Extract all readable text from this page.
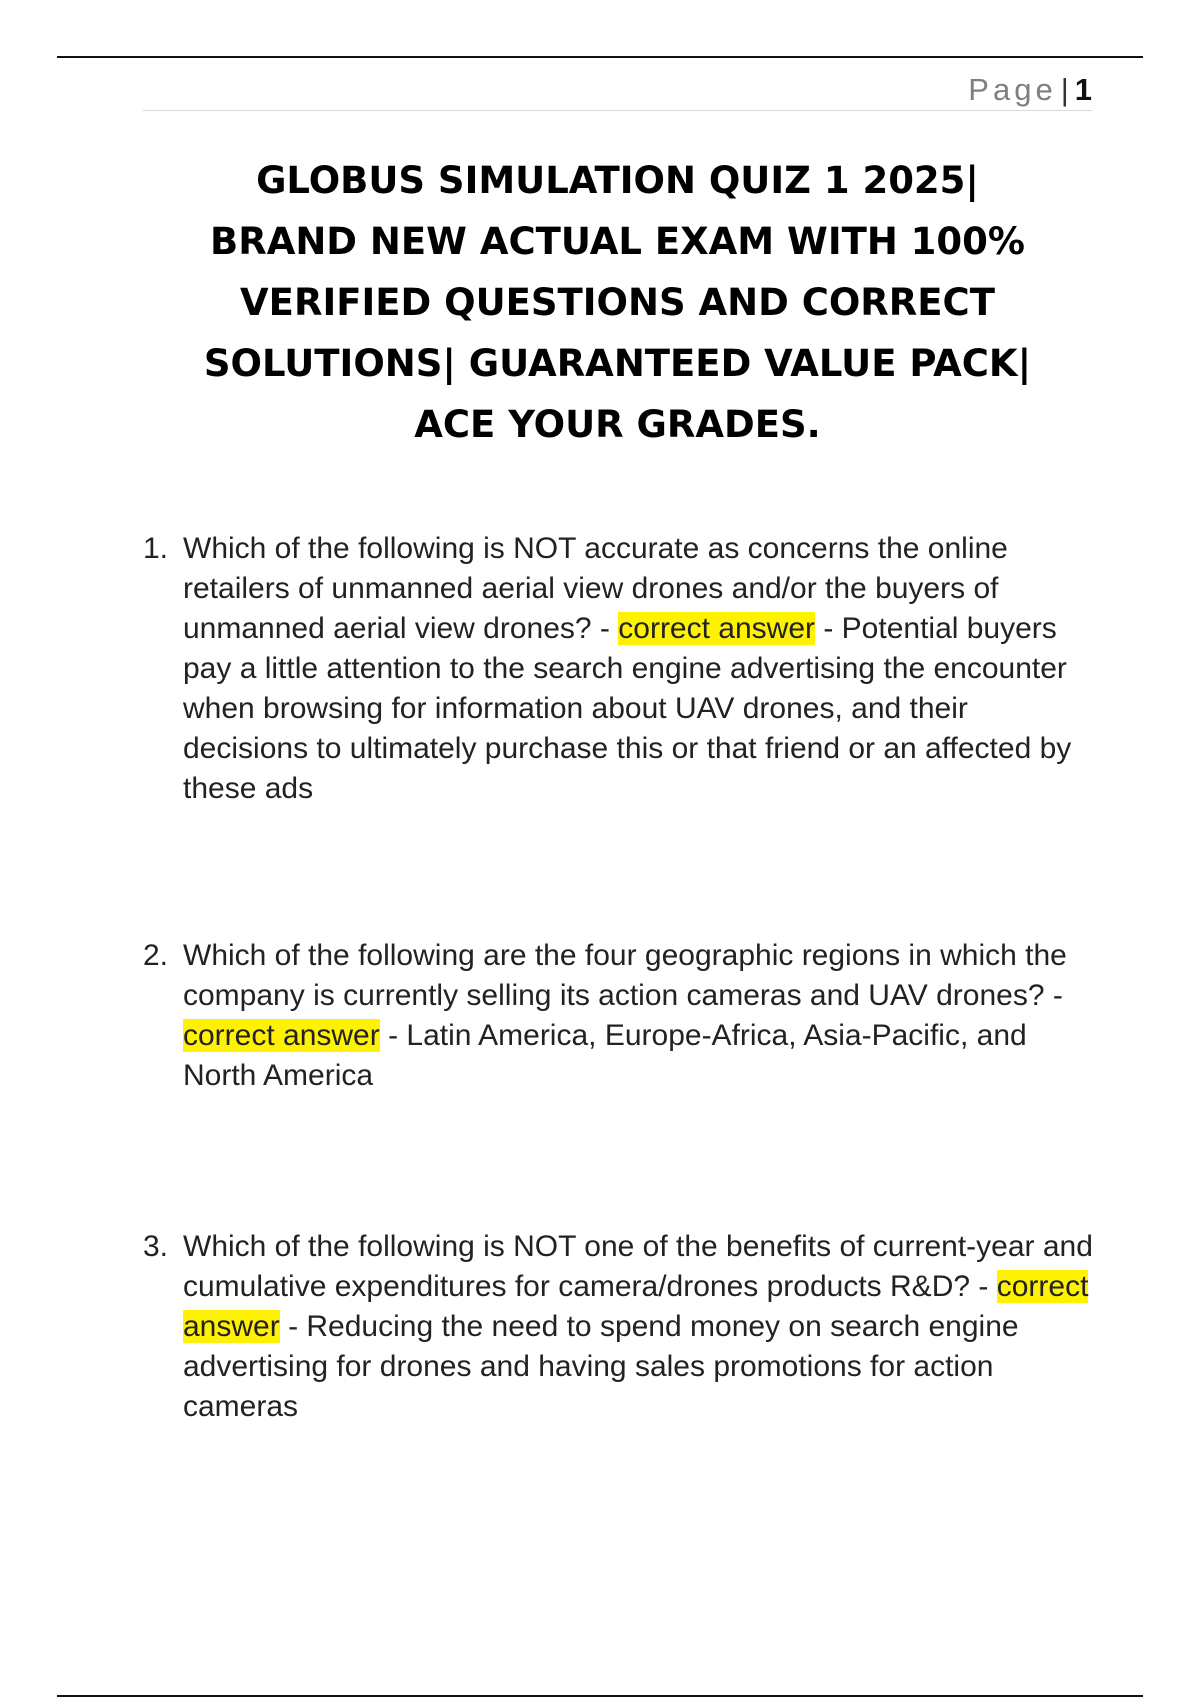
Page | 1
GLOBUS SIMULATION QUIZ 1 2025|
BRAND NEW ACTUAL EXAM WITH 100%
VERIFIED QUESTIONS AND CORRECT
SOLUTIONS| GUARANTEED VALUE PACK|
ACE YOUR GRADES.
1. Which of the following is NOT accurate as concerns the online retailers of unmanned aerial view drones and/or the buyers of unmanned aerial view drones? - correct answer - Potential buyers pay a little attention to the search engine advertising the encounter when browsing for information about UAV drones, and their decisions to ultimately purchase this or that friend or an affected by these ads
2. Which of the following are the four geographic regions in which the company is currently selling its action cameras and UAV drones? - correct answer - Latin America, Europe-Africa, Asia-Pacific, and North America
3. Which of the following is NOT one of the benefits of current-year and cumulative expenditures for camera/drones products R&D? - correct answer - Reducing the need to spend money on search engine advertising for drones and having sales promotions for action cameras
